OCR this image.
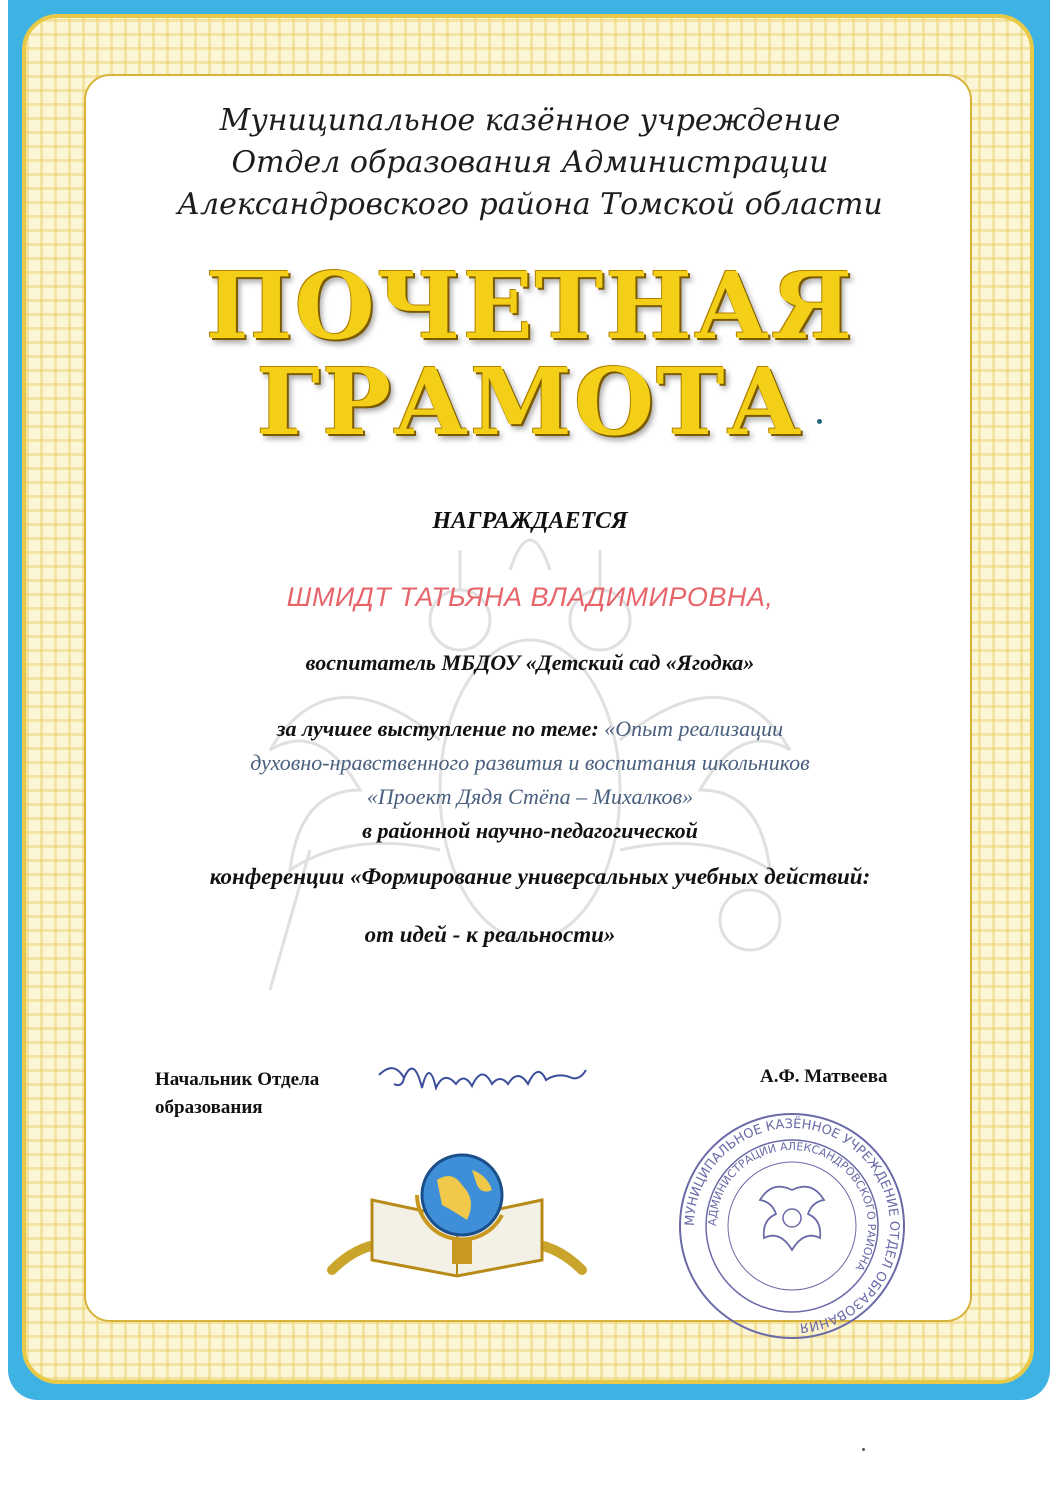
Муниципальное казённое учреждение
Отдел образования Администрации
Александровского района Томской области
ПОЧЕТНАЯ
ГРАМОТА
НАГРАЖДАЕТСЯ
ШМИДТ ТАТЬЯНА ВЛАДИМИРОВНА,
воспитатель МБДОУ «Детский сад «Ягодка»
за лучшее выступление по теме: «Опыт реализации
духовно-нравственного развития и воспитания школьников
«Проект Дядя Стёпа – Михалков»
в районной научно-педагогической
конференции «Формирование универсальных учебных действий:
от идей - к реальности»
Начальник Отдела
образования
А.Ф. Матвеева
МУНИЦИПАЛЬНОЕ КАЗЁННОЕ УЧРЕЖДЕНИЕ ОТДЕЛ ОБРАЗОВАНИЯ
АДМИНИСТРАЦИИ АЛЕКСАНДРОВСКОГО РАЙОНА
